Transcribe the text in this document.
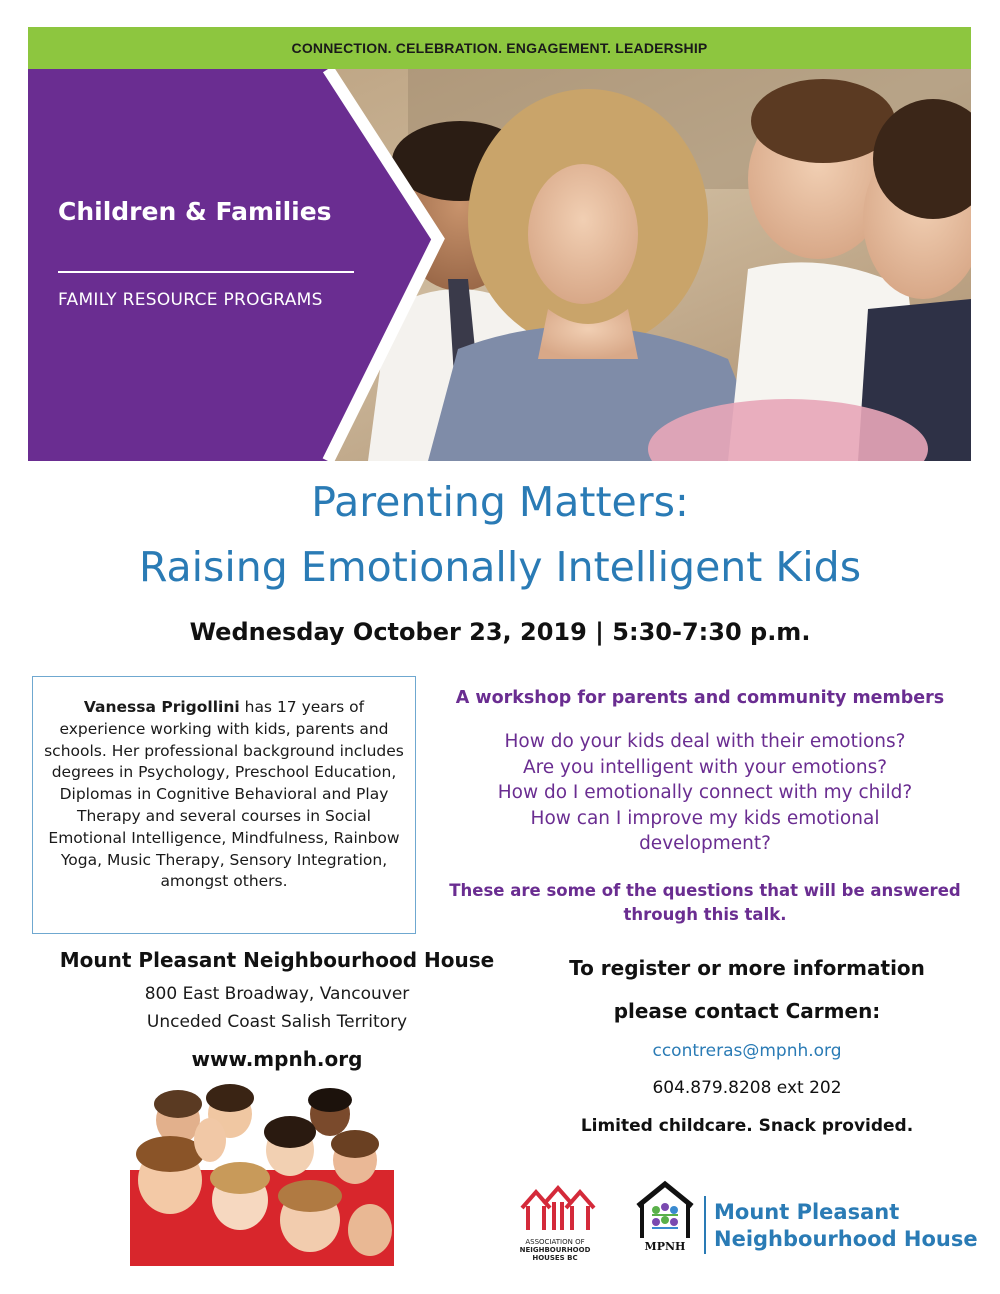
CONNECTION. CELEBRATION. ENGAGEMENT. LEADERSHIP
Children & Families
FAMILY RESOURCE PROGRAMS
Parenting Matters:
Raising Emotionally Intelligent Kids
Wednesday October 23, 2019 | 5:30-7:30 p.m.
Vanessa Prigollini has 17 years of experience working with kids, parents and schools. Her professional background includes degrees in Psychology, Preschool Education, Diplomas in Cognitive Behavioral and Play Therapy and several courses in Social Emotional Intelligence, Mindfulness, Rainbow Yoga, Music Therapy, Sensory Integration, amongst others.
A workshop for parents and community members
How do your kids deal with their emotions?
Are you intelligent with your emotions?
How do I emotionally connect with my child?
How can I improve my kids emotional
development?
These are some of the questions that will be answered
through this talk.
Mount Pleasant Neighbourhood House
800 East Broadway, Vancouver
Unceded Coast Salish Territory
www.mpnh.org
To register or more information
please contact Carmen:
ccontreras@mpnh.org
604.879.8208 ext 202
Limited childcare. Snack provided.
ASSOCIATION OF
NEIGHBOURHOOD
HOUSES BC
MPNH
Mount Pleasant
Neighbourhood House
